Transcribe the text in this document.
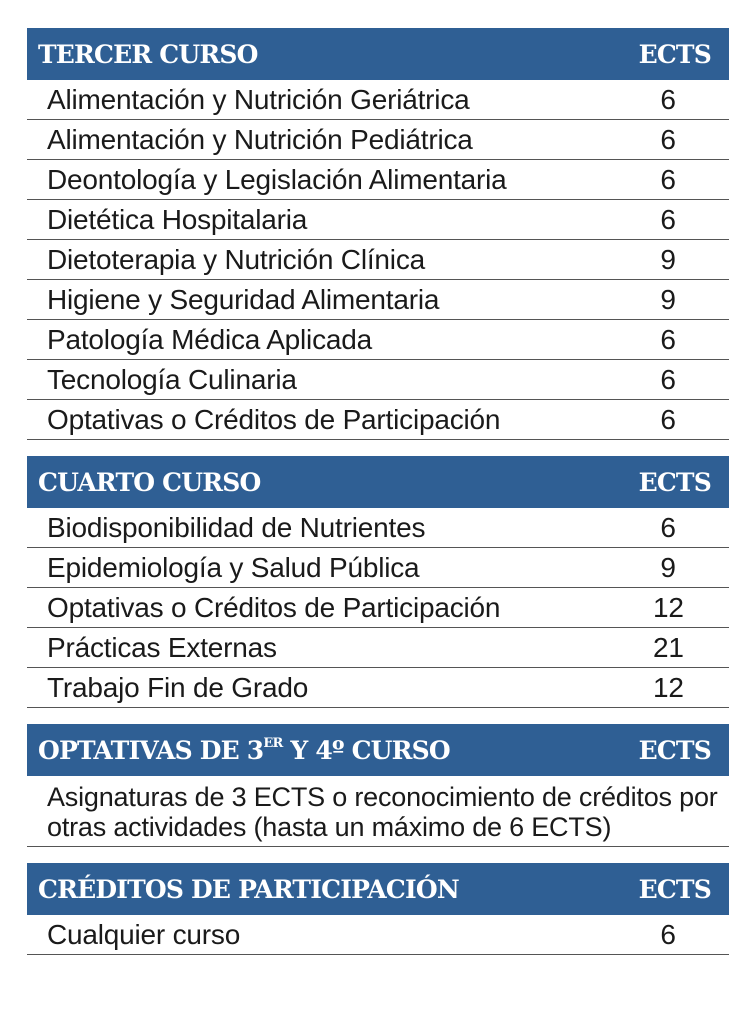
TERCER CURSO	ECTS
Alimentación y Nutrición Geriátrica	6
Alimentación y Nutrición Pediátrica	6
Deontología y Legislación Alimentaria	6
Dietética Hospitalaria	6
Dietoterapia y Nutrición Clínica	9
Higiene y Seguridad Alimentaria	9
Patología Médica Aplicada	6
Tecnología Culinaria	6
Optativas o Créditos de Participación	6
CUARTO CURSO	ECTS
Biodisponibilidad de Nutrientes	6
Epidemiología y Salud Pública	9
Optativas o Créditos de Participación	12
Prácticas Externas	21
Trabajo Fin de Grado	12
OPTATIVAS DE 3ER Y 4º CURSO	ECTS
Asignaturas de 3 ECTS o reconocimiento de créditos por otras actividades (hasta un máximo de 6 ECTS)
CRÉDITOS DE PARTICIPACIÓN	ECTS
Cualquier curso	6
